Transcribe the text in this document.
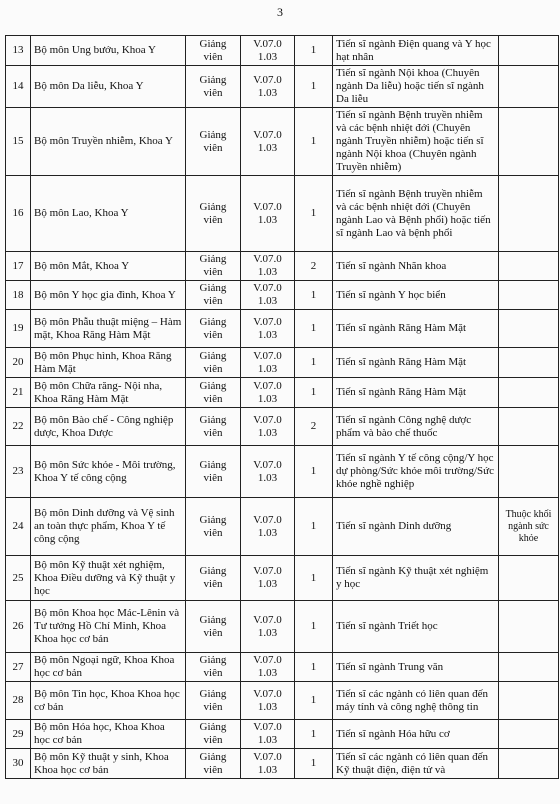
3
13	Bộ môn Ung bướu, Khoa Y	Giảng viên	V.07.0 1.03	1	Tiến sĩ ngành Điện quang và Y học hạt nhân	
14	Bộ môn Da liễu, Khoa Y	Giảng viên	V.07.0 1.03	1	Tiến sĩ ngành Nội khoa (Chuyên ngành Da liễu) hoặc tiến sĩ ngành Da liễu	
15	Bộ môn Truyền nhiễm, Khoa Y	Giảng viên	V.07.0 1.03	1	Tiến sĩ ngành Bệnh truyền nhiễm và các bệnh nhiệt đới (Chuyên ngành Truyền nhiễm) hoặc tiến sĩ ngành Nội khoa (Chuyên ngành Truyền nhiễm)	
16	Bộ môn Lao, Khoa Y	Giảng viên	V.07.0 1.03	1	Tiến sĩ ngành Bệnh truyền nhiễm và các bệnh nhiệt đới (Chuyên ngành Lao và Bệnh phổi) hoặc tiến sĩ ngành Lao và bệnh phổi	
17	Bộ môn Mắt, Khoa Y	Giảng viên	V.07.0 1.03	2	Tiến sĩ ngành Nhãn khoa	
18	Bộ môn Y học gia đình, Khoa Y	Giảng viên	V.07.0 1.03	1	Tiến sĩ ngành Y học biển	
19	Bộ môn Phẫu thuật miệng – Hàm mặt, Khoa Răng Hàm Mặt	Giảng viên	V.07.0 1.03	1	Tiến sĩ ngành Răng Hàm Mặt	
20	Bộ môn Phục hình, Khoa Răng Hàm Mặt	Giảng viên	V.07.0 1.03	1	Tiến sĩ ngành Răng Hàm Mặt	
21	Bộ môn Chữa răng- Nội nha, Khoa Răng Hàm Mặt	Giảng viên	V.07.0 1.03	1	Tiến sĩ ngành Răng Hàm Mặt	
22	Bộ môn Bào chế - Công nghiệp dược, Khoa Dược	Giảng viên	V.07.0 1.03	2	Tiến sĩ ngành Công nghệ dược phẩm và bào chế thuốc	
23	Bộ môn Sức khỏe - Môi trường, Khoa Y tế công cộng	Giảng viên	V.07.0 1.03	1	Tiến sĩ ngành Y tế công cộng/Y học dự phòng/Sức khỏe môi trường/Sức khỏe nghề nghiệp	
24	Bộ môn Dinh dưỡng và Vệ sinh an toàn thực phẩm, Khoa Y tế công cộng	Giảng viên	V.07.0 1.03	1	Tiến sĩ ngành Dinh dưỡng	Thuộc khối ngành sức khỏe
25	Bộ môn Kỹ thuật xét nghiệm, Khoa Điều dưỡng và Kỹ thuật y học	Giảng viên	V.07.0 1.03	1	Tiến sĩ ngành Kỹ thuật xét nghiệm y học	
26	Bộ môn Khoa học Mác-Lênin và Tư tưởng Hồ Chí Minh, Khoa Khoa học cơ bản	Giảng viên	V.07.0 1.03	1	Tiến sĩ ngành Triết học	
27	Bộ môn Ngoại ngữ, Khoa Khoa học cơ bản	Giảng viên	V.07.0 1.03	1	Tiến sĩ ngành Trung văn	
28	Bộ môn Tin học, Khoa Khoa học cơ bản	Giảng viên	V.07.0 1.03	1	Tiến sĩ các ngành có liên quan đến máy tính và công nghệ thông tin	
29	Bộ môn Hóa học, Khoa Khoa học cơ bản	Giảng viên	V.07.0 1.03	1	Tiến sĩ ngành Hóa hữu cơ	
30	Bộ môn Kỹ thuật y sinh, Khoa Khoa học cơ bản	Giảng viên	V.07.0 1.03	1	Tiến sĩ các ngành có liên quan đến Kỹ thuật điện, điện tử và	
